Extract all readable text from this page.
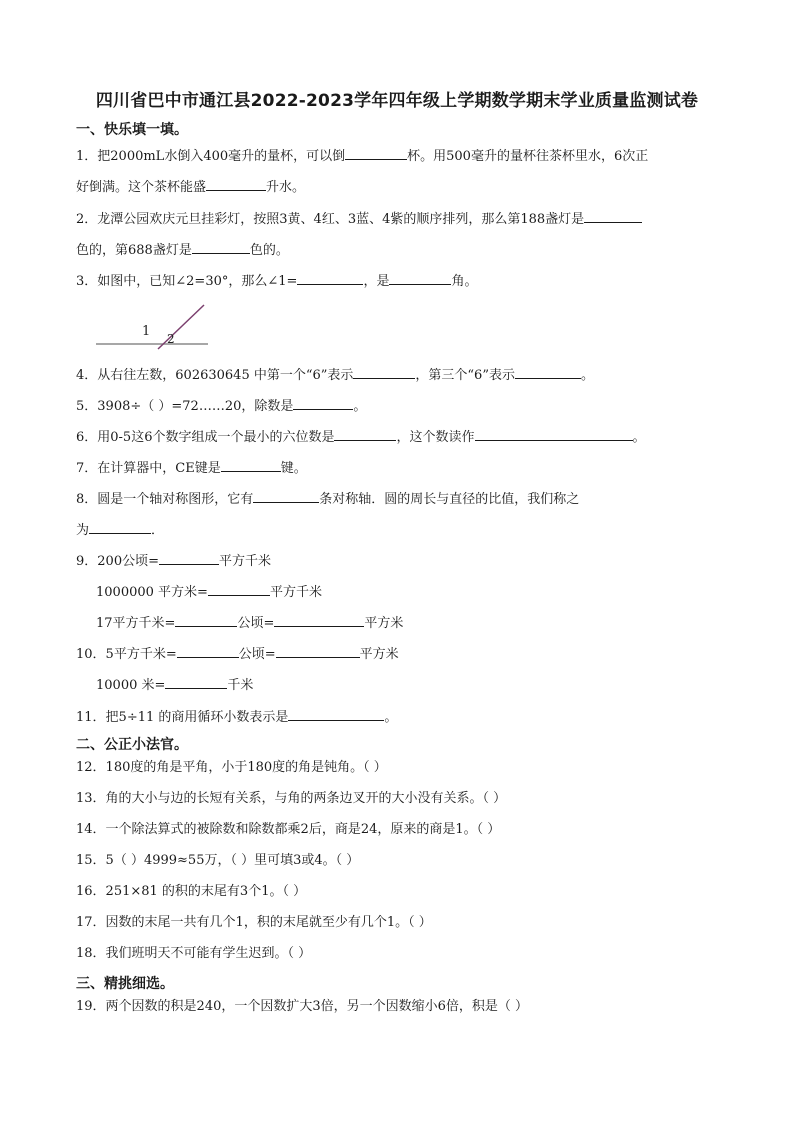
四川省巴中市通江县2022-2023学年四年级上学期数学期末学业质量监测试卷
一、快乐填一填。
1．把2000mL水倒入400毫升的量杯，可以倒	杯。用500毫升的量杯往茶杯里水，6次正
好倒满。这个茶杯能盛	升水。
2．龙潭公园欢庆元旦挂彩灯，按照3黄、4红、3蓝、4紫的顺序排列，那么第188盏灯是
色的，第688盏灯是	色的。
3．如图中，已知∠2=30°，那么∠1=	，是	角。
1 2
4．从右往左数，602630645 中第一个“6”表示	，第三个“6”表示	。
5．3908÷（ ）=72……20，除数是	。
6．用0-5这6个数字组成一个最小的六位数是	，这个数读作	。
7．在计算器中，CE键是	键。
8．圆是一个轴对称图形，它有	条对称轴．圆的周长与直径的比值，我们称之
为	．
9．200公顷=	平方千米
1000000 平方米=	平方千米
17平方千米=	公顷=	平方米
10．5平方千米=	公顷=	平方米
10000 米=	千米
11．把5÷11 的商用循环小数表示是	。
二、公正小法官。
12．180度的角是平角，小于180度的角是钝角。（ ）
13．角的大小与边的长短有关系，与角的两条边叉开的大小没有关系。（ ）
14．一个除法算式的被除数和除数都乘2后，商是24，原来的商是1。（ ）
15．5（ ）4999≈55万，（ ）里可填3或4。（ ）
16．251×81 的积的末尾有3个1。（ ）
17．因数的末尾一共有几个1，积的末尾就至少有几个1。（ ）
18．我们班明天不可能有学生迟到。（ ）
三、精挑细选。
19．两个因数的积是240，一个因数扩大3倍，另一个因数缩小6倍，积是（ ）
